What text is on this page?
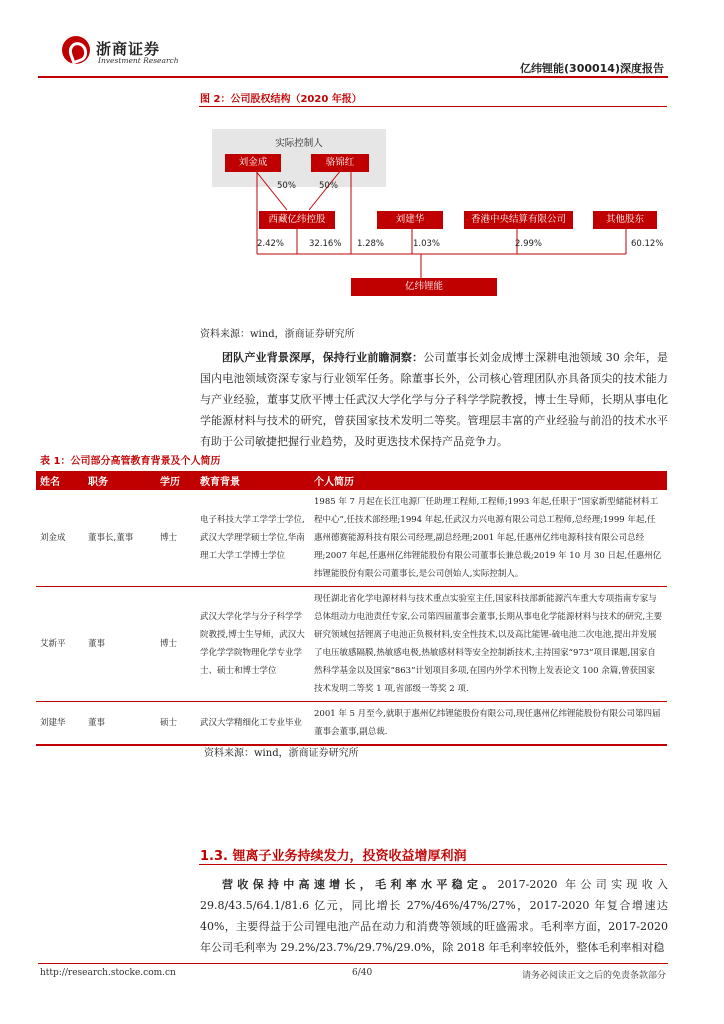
浙商证券
Investment Research
亿纬锂能(300014)深度报告
图 2：公司股权结构（2020 年报）
实际控制人
刘金成	骆锦红
西藏亿纬控股	刘建华	香港中央结算有限公司	其他股东
亿纬锂能
50%	50%
2.42%	32.16% 1.28%	1.03%	2.99%	60.12%
资料来源：wind，浙商证券研究所
团队产业背景深厚，保持行业前瞻洞察：公司董事长刘金成博士深耕电池领域 30 余年，是国内电池领域资深专家与行业领军任务。除董事长外，公司核心管理团队亦具备顶尖的技术能力与产业经验，董事艾欣平博士任武汉大学化学与分子科学学院教授，博士生导师，长期从事电化学能源材料与技术的研究，曾获国家技术发明二等奖。管理层丰富的产业经验与前沿的技术水平有助于公司敏捷把握行业趋势，及时更迭技术保持产品竞争力。
表 1：公司部分高管教育背景及个人简历
姓名	职务	学历	教育背景	个人简历
刘金成	董事长,董事	博士	电子科技大学工学学士学位,武汉大学理学硕士学位,华南理工大学工学博士学位	1985 年 7 月起在长江电源厂任助理工程师,工程师;1993 年起,任职于“国家新型储能材料工程中心”,任技术部经理;1994 年起,任武汉力兴电源有限公司总工程师,总经理;1999 年起,任惠州德赛能源科技有限公司经理,副总经理;2001 年起,任惠州亿纬电源科技有限公司总经理;2007 年起,任惠州亿纬锂能股份有限公司董事长兼总裁;2019 年 10 月 30 日起,任惠州亿纬锂能股份有限公司董事长,是公司创始人,实际控制人。
艾新平	董事	博士	武汉大学化学与分子科学学院教授,博士生导师，武汉大学化学学院物理化学专业学士、硕士和博士学位	现任湖北省化学电源材料与技术重点实验室主任,国家科技部新能源汽车重大专项指南专家与总体组动力电池责任专家,公司第四届董事会董事,长期从事电化学能源材料与技术的研究,主要研究领域包括锂离子电池正负极材料,安全性技术,以及高比能锂-硫电池二次电池,提出并发展了电压敏感隔膜,热敏感电极,热敏感材料等安全控制新技术,主持国家“973”项目课题,国家自然科学基金以及国家“863”计划项目多项,在国内外学术刊物上发表论文 100 余篇,曾获国家技术发明二等奖 1 项,省部级一等奖 2 项.
刘建华	董事	硕士	武汉大学精细化工专业毕业	2001 年 5 月至今,就职于惠州亿纬锂能股份有限公司,现任惠州亿纬锂能股份有限公司第四届董事会董事,副总裁.
资料来源：wind，浙商证券研究所
1.3. 锂离子业务持续发力，投资收益增厚利润
营收保持中高速增长，毛利率水平稳定。2017-2020 年公司实现收入 29.8/43.5/64.1/81.6 亿元，同比增长 27%/46%/47%/27%，2017-2020 年复合增速达 40%，主要得益于公司锂电池产品在动力和消费等领域的旺盛需求。毛利率方面，2017-2020 年公司毛利率为 29.2%/23.7%/29.7%/29.0%，除 2018 年毛利率较低外，整体毛利率相对稳
http://research.stocke.com.cn	6/40	请务必阅读正文之后的免责条款部分
